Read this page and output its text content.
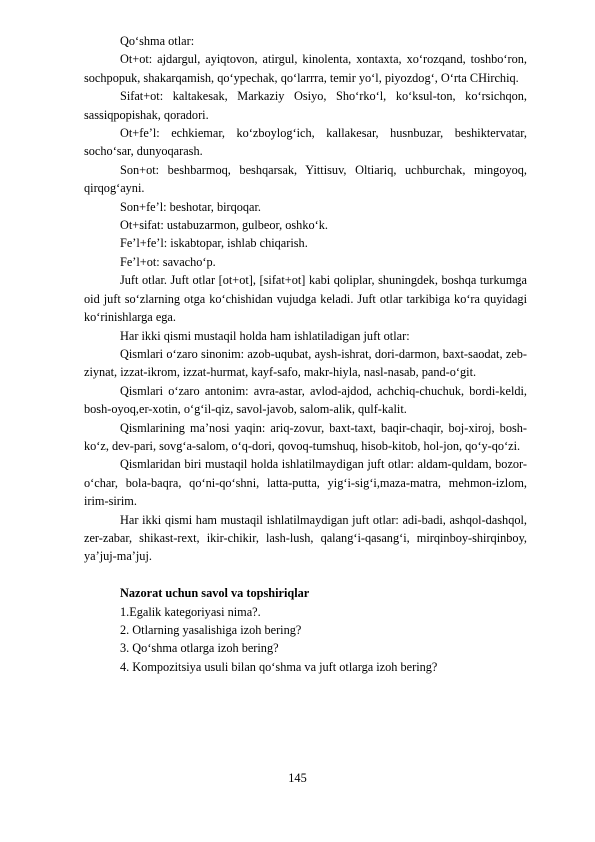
Qo‘shma otlar:

Ot+ot: ajdargul, ayiqtovon, atirgul, kinolenta, xontaxta, xo‘rozqand, toshbo‘ron, sochpopuk, shakarqamish, qo‘ypechak, qo‘larrra, temir yo‘l, piyozdog‘, O‘rta CHirchiq.

Sifat+ot: kaltakesak, Markaziy Osiyo, Sho‘rko‘l, ko‘ksul-ton, ko‘rsichqon, sassiqpopishak, qoradori.

Ot+fe’l: echkiemar, ko‘zboylog‘ich, kallakesar, husnbuzar, beshiktervatar, socho‘sar, dunyoqarash.

Son+ot: beshbarmoq, beshqarsak, Yittisuv, Oltiariq, uchburchak, mingoyoq, qirqog‘ayni.

Son+fe’l: beshotar, birqoqar.

Ot+sifat: ustabuzarmon, gulbeor, oshko‘k.

Fe’l+fe’l: iskabtopar, ishlab chiqarish.

Fe’l+ot: savacho‘p.

Juft otlar. Juft otlar [ot+ot], [sifat+ot] kabi qoliplar, shuningdek, boshqa turkumga oid juft so‘zlarning otga ko‘chishidan vujudga keladi. Juft otlar tarkibiga ko‘ra quyidagi ko‘rinishlarga ega.

Har ikki qismi mustaqil holda ham ishlatiladigan juft otlar:

Qismlari o‘zaro sinonim: azob-uqubat, aysh-ishrat, dori-darmon, baxt-saodat, zeb-ziynat, izzat-ikrom, izzat-hurmat, kayf-safo, makr-hiyla, nasl-nasab, pand-o‘git.

Qismlari o‘zaro antonim: avra-astar, avlod-ajdod, achchiq-chuchuk, bordi-keldi, bosh-oyoq,er-xotin, o‘g‘il-qiz, savol-javob, salom-alik, qulf-kalit.

Qismlarining ma’nosi yaqin: ariq-zovur, baxt-taxt, baqir-chaqir, boj-xiroj, bosh-ko‘z, dev-pari, sovg‘a-salom, o‘q-dori, qovoq-tumshuq, hisob-kitob, hol-jon, qo‘y-qo‘zi.

Qismlaridan biri mustaqil holda ishlatilmaydigan juft otlar: aldam-quldam, bozor-o‘char, bola-baqra, qo‘ni-qo‘shni, latta-putta, yig‘i-sig‘i,maza-matra, mehmon-izlom, irim-sirim.

Har ikki qismi ham mustaqil ishlatilmaydigan juft otlar: adi-badi, ashqol-dashqol, zer-zabar, shikast-rext, ikir-chikir, lash-lush, qalang‘i-qasang‘i, mirqinboy-shirqinboy, ya’juj-ma’juj.

Nazorat uchun savol va topshiriqlar

1.Egalik kategoriyasi nima?.

2. Otlarning yasalishiga izoh bering?

3. Qo‘shma otlarga izoh bering?

4. Kompozitsiya usuli bilan qo‘shma va juft otlarga izoh bering?

145
